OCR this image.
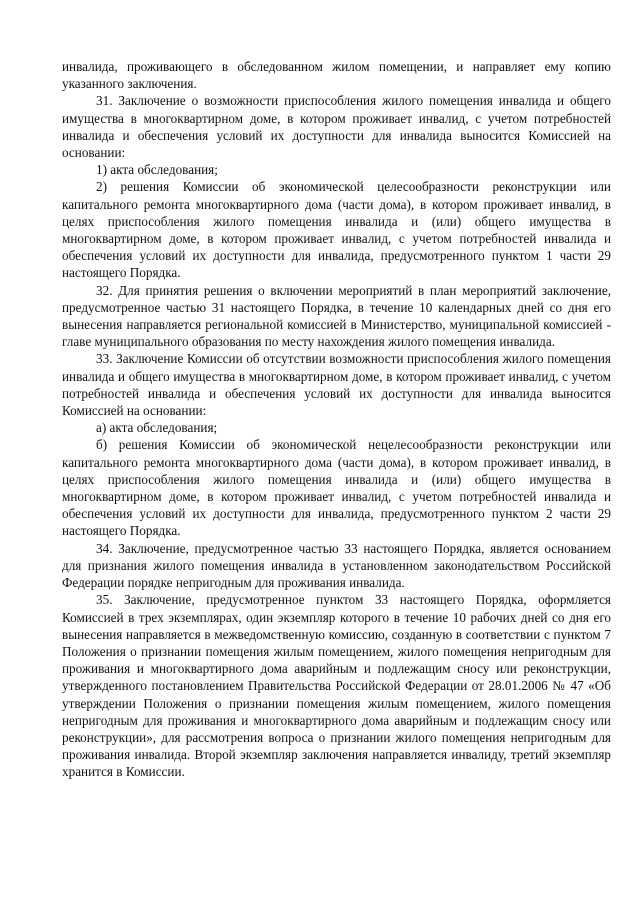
инвалида, проживающего в обследованном жилом помещении, и направляет ему копию указанного заключения.

31. Заключение о возможности приспособления жилого помещения инвалида и общего имущества в многоквартирном доме, в котором проживает инвалид, с учетом потребностей инвалида и обеспечения условий их доступности для инвалида выносится Комиссией на основании:

1) акта обследования;

2) решения Комиссии об экономической целесообразности реконструкции или капитального ремонта многоквартирного дома (части дома), в котором проживает инвалид, в целях приспособления жилого помещения инвалида и (или) общего имущества в многоквартирном доме, в котором проживает инвалид, с учетом потребностей инвалида и обеспечения условий их доступности для инвалида, предусмотренного пунктом 1 части 29 настоящего Порядка.

32. Для принятия решения о включении мероприятий в план мероприятий заключение, предусмотренное частью 31 настоящего Порядка, в течение 10 календарных дней со дня его вынесения направляется региональной комиссией в Министерство, муниципальной комиссией - главе муниципального образования по месту нахождения жилого помещения инвалида.

33. Заключение Комиссии об отсутствии возможности приспособления жилого помещения инвалида и общего имущества в многоквартирном доме, в котором проживает инвалид, с учетом потребностей инвалида и обеспечения условий их доступности для инвалида выносится Комиссией на основании:

а) акта обследования;

б) решения Комиссии об экономической нецелесообразности реконструкции или капитального ремонта многоквартирного дома (части дома), в котором проживает инвалид, в целях приспособления жилого помещения инвалида и (или) общего имущества в многоквартирном доме, в котором проживает инвалид, с учетом потребностей инвалида и обеспечения условий их доступности для инвалида, предусмотренного пунктом 2 части 29 настоящего Порядка.

34. Заключение, предусмотренное частью 33 настоящего Порядка, является основанием для признания жилого помещения инвалида в установленном законодательством Российской Федерации порядке непригодным для проживания инвалида.

35. Заключение, предусмотренное пунктом 33 настоящего Порядка, оформляется Комиссией в трех экземплярах, один экземпляр которого в течение 10 рабочих дней со дня его вынесения направляется в межведомственную комиссию, созданную в соответствии с пунктом 7 Положения о признании помещения жилым помещением, жилого помещения непригодным для проживания и многоквартирного дома аварийным и подлежащим сносу или реконструкции, утвержденного постановлением Правительства Российской Федерации от 28.01.2006 № 47 «Об утверждении Положения о признании помещения жилым помещением, жилого помещения непригодным для проживания и многоквартирного дома аварийным и подлежащим сносу или реконструкции», для рассмотрения вопроса о признании жилого помещения непригодным для проживания инвалида. Второй экземпляр заключения направляется инвалиду, третий экземпляр хранится в Комиссии.
